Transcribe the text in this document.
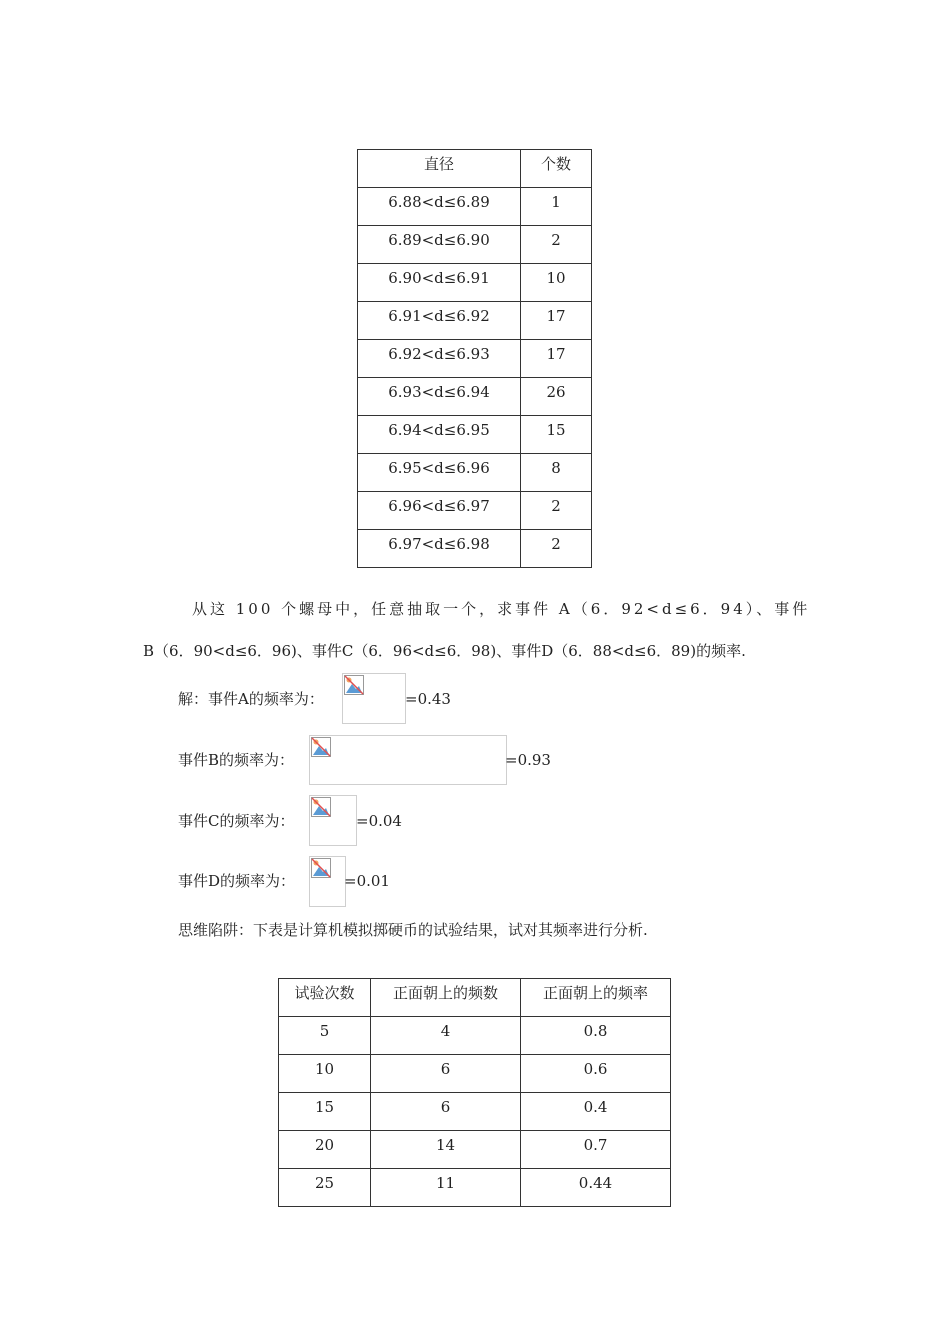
直径	个数
6.88<d≤6.89	1
6.89<d≤6.90	2
6.90<d≤6.91	10
6.91<d≤6.92	17
6.92<d≤6.93	17
6.93<d≤6.94	26
6.94<d≤6.95	15
6.95<d≤6.96	8
6.96<d≤6.97	2
6.97<d≤6.98	2
从这 100 个螺母中，任意抽取一个，求事件 A（6．92<d≤6．94）、事件
B（6．90<d≤6．96)、事件C（6．96<d≤6．98)、事件D（6．88<d≤6．89)的频率.
解：事件A的频率为：	=0.43
事件B的频率为：	=0.93
事件C的频率为：	=0.04
事件D的频率为：	=0.01
思维陷阱：下表是计算机模拟掷硬币的试验结果，试对其频率进行分析.
试验次数	正面朝上的频数	正面朝上的频率
5	4	0.8
10	6	0.6
15	6	0.4
20	14	0.7
25	11	0.44
